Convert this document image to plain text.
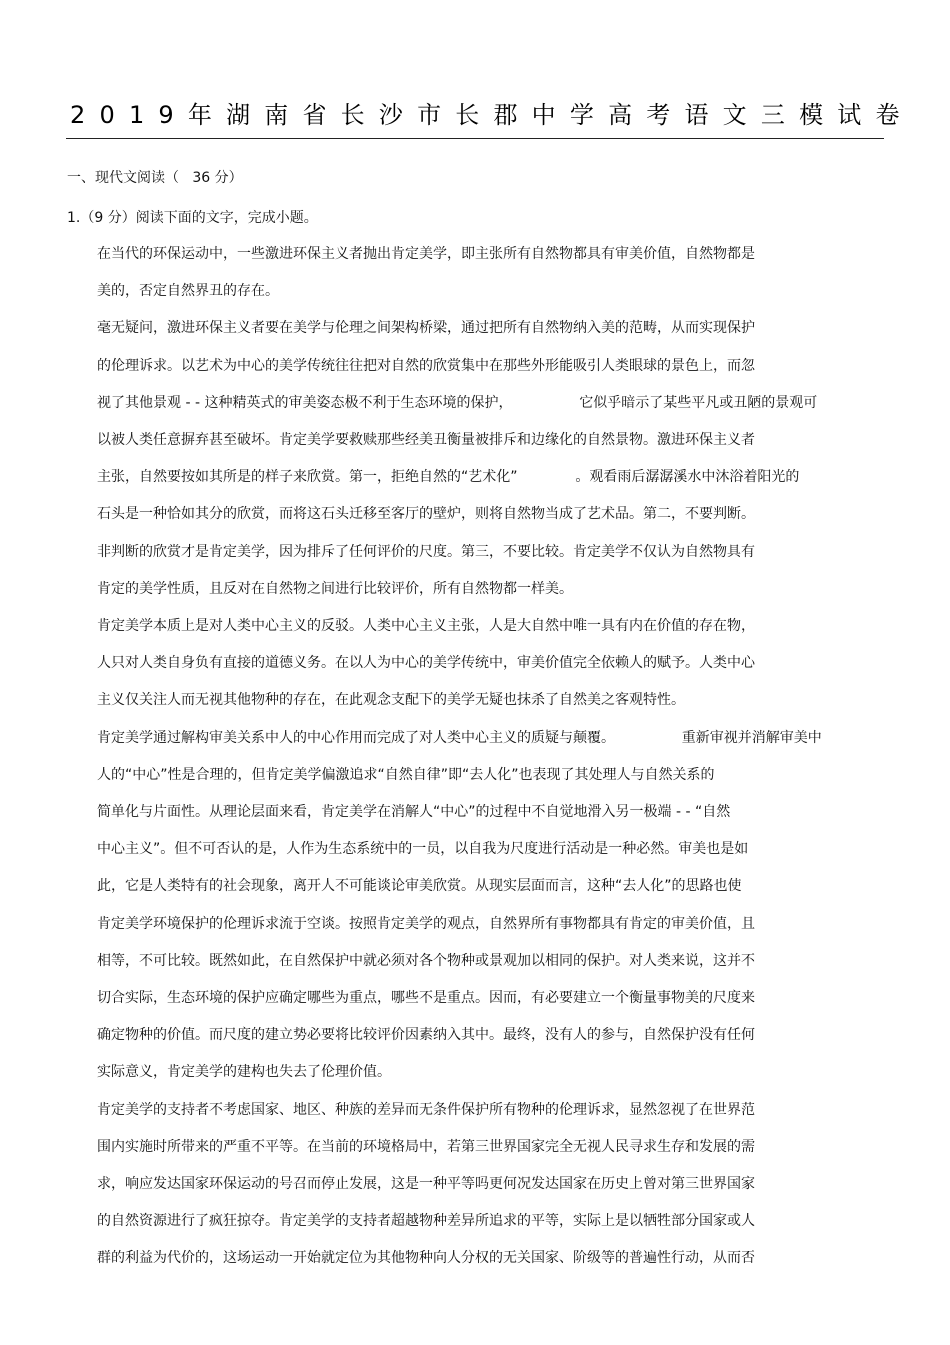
2019年湖南省长沙市长郡中学高考语文三模试卷
一、现代文阅读（   36 分）
1.（9 分）阅读下面的文字，完成小题。
在当代的环保运动中，一些激进环保主义者抛出肯定美学，即主张所有自然物都具有审美价值，自然物都是
美的，否定自然界丑的存在。
毫无疑问，激进环保主义者要在美学与伦理之间架构桥梁，通过把所有自然物纳入美的范畴，从而实现保护
的伦理诉求。以艺术为中心的美学传统往往把对自然的欣赏集中在那些外形能吸引人类眼球的景色上，而忽
视了其他景观 - - 这种精英式的审美姿态极不利于生态环境的保护，               它似乎暗示了某些平凡或丑陋的景观可
以被人类任意摒弃甚至破坏。肯定美学要救赎那些经美丑衡量被排斥和边缘化的自然景物。激进环保主义者
主张，自然要按如其所是的样子来欣赏。第一，拒绝自然的“艺术化”             。观看雨后潺潺溪水中沐浴着阳光的
石头是一种恰如其分的欣赏，而将这石头迁移至客厅的壁炉，则将自然物当成了艺术品。第二，不要判断。
非判断的欣赏才是肯定美学，因为排斥了任何评价的尺度。第三，不要比较。肯定美学不仅认为自然物具有
肯定的美学性质，且反对在自然物之间进行比较评价，所有自然物都一样美。
肯定美学本质上是对人类中心主义的反驳。人类中心主义主张，人是大自然中唯一具有内在价值的存在物，
人只对人类自身负有直接的道德义务。在以人为中心的美学传统中，审美价值完全依赖人的赋予。人类中心
主义仅关注人而无视其他物种的存在，在此观念支配下的美学无疑也抹杀了自然美之客观特性。
肯定美学通过解构审美关系中人的中心作用而完成了对人类中心主义的质疑与颠覆。               重新审视并消解审美中
人的“中心”性是合理的，但肯定美学偏激追求“自然自律”即“去人化”也表现了其处理人与自然关系的
简单化与片面性。从理论层面来看，肯定美学在消解人“中心”的过程中不自觉地滑入另一极端 - - “自然
中心主义”。但不可否认的是，人作为生态系统中的一员，以自我为尺度进行活动是一种必然。审美也是如
此，它是人类特有的社会现象，离开人不可能谈论审美欣赏。从现实层面而言，这种“去人化”的思路也使
肯定美学环境保护的伦理诉求流于空谈。按照肯定美学的观点，自然界所有事物都具有肯定的审美价值，且
相等，不可比较。既然如此，在自然保护中就必须对各个物种或景观加以相同的保护。对人类来说，这并不
切合实际，生态环境的保护应确定哪些为重点，哪些不是重点。因而，有必要建立一个衡量事物美的尺度来
确定物种的价值。而尺度的建立势必要将比较评价因素纳入其中。最终，没有人的参与，自然保护没有任何
实际意义，肯定美学的建构也失去了伦理价值。
肯定美学的支持者不考虑国家、地区、种族的差异而无条件保护所有物种的伦理诉求，显然忽视了在世界范
围内实施时所带来的严重不平等。在当前的环境格局中，若第三世界国家完全无视人民寻求生存和发展的需
求，响应发达国家环保运动的号召而停止发展，这是一种平等吗更何况发达国家在历史上曾对第三世界国家
的自然资源进行了疯狂掠夺。肯定美学的支持者超越物种差异所追求的平等，实际上是以牺牲部分国家或人
群的利益为代价的，这场运动一开始就定位为其他物种向人分权的无关国家、阶级等的普遍性行动，从而否
